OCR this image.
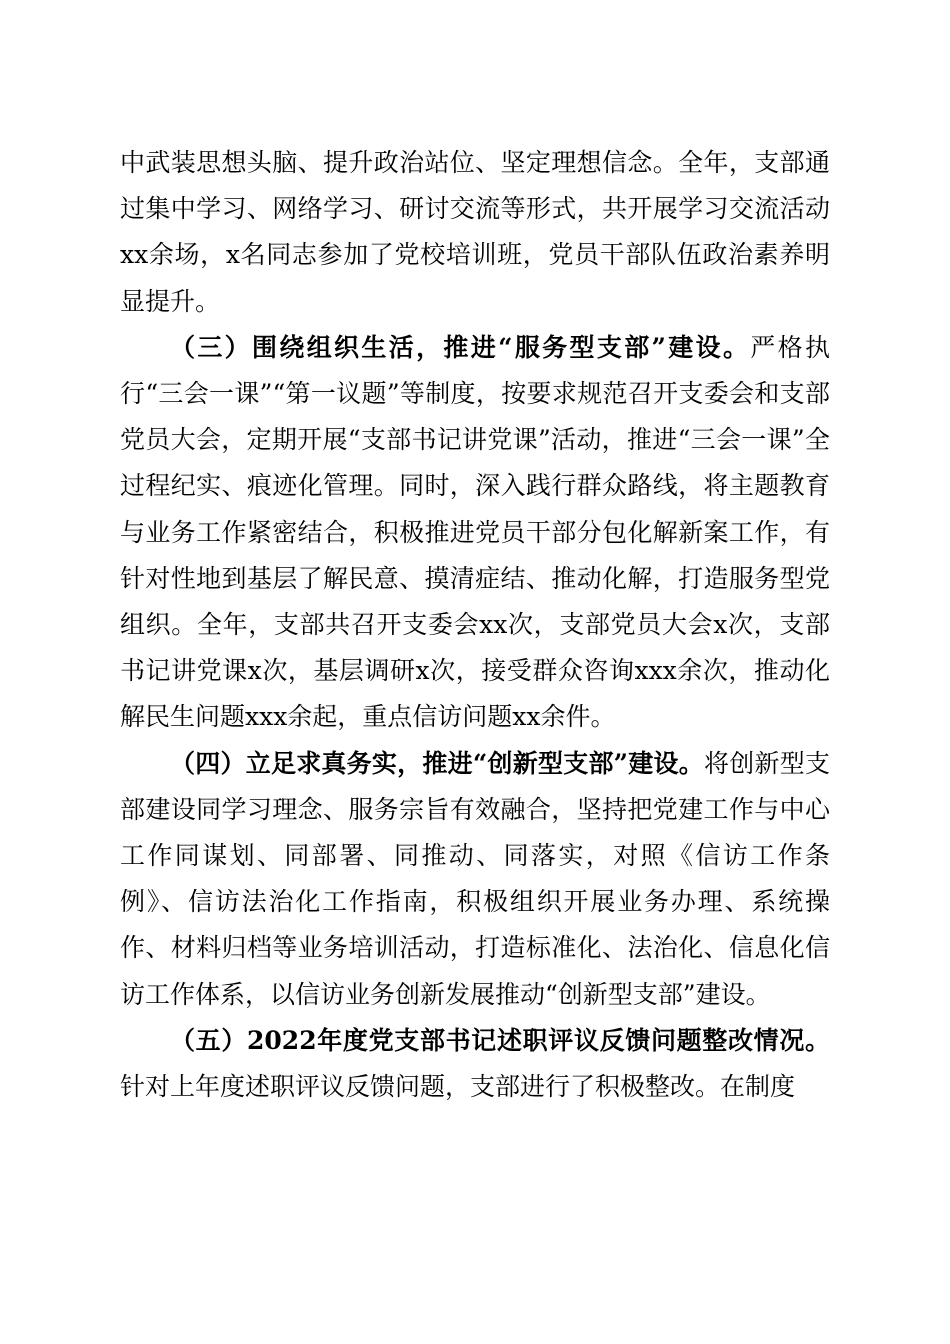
中武装思想头脑、提升政治站位、坚定理想信念。全年，支部通过集中学习、网络学习、研讨交流等形式，共开展学习交流活动xx余场，x名同志参加了党校培训班，党员干部队伍政治素养明显提升。

（三）围绕组织生活，推进“服务型支部”建设。严格执行“三会一课”“第一议题”等制度，按要求规范召开支委会和支部党员大会，定期开展“支部书记讲党课”活动，推进“三会一课”全过程纪实、痕迹化管理。同时，深入践行群众路线，将主题教育与业务工作紧密结合，积极推进党员干部分包化解新案工作，有针对性地到基层了解民意、摸清症结、推动化解，打造服务型党组织。全年，支部共召开支委会xx次，支部党员大会x次，支部书记讲党课x次，基层调研x次，接受群众咨询xxx余次，推动化解民生问题xxx余起，重点信访问题xx余件。

（四）立足求真务实，推进“创新型支部”建设。将创新型支部建设同学习理念、服务宗旨有效融合，坚持把党建工作与中心工作同谋划、同部署、同推动、同落实，对照《信访工作条例》、信访法治化工作指南，积极组织开展业务办理、系统操作、材料归档等业务培训活动，打造标准化、法治化、信息化信访工作体系，以信访业务创新发展推动“创新型支部”建设。

（五）2022年度党支部书记述职评议反馈问题整改情况。针对上年度述职评议反馈问题，支部进行了积极整改。在制度
